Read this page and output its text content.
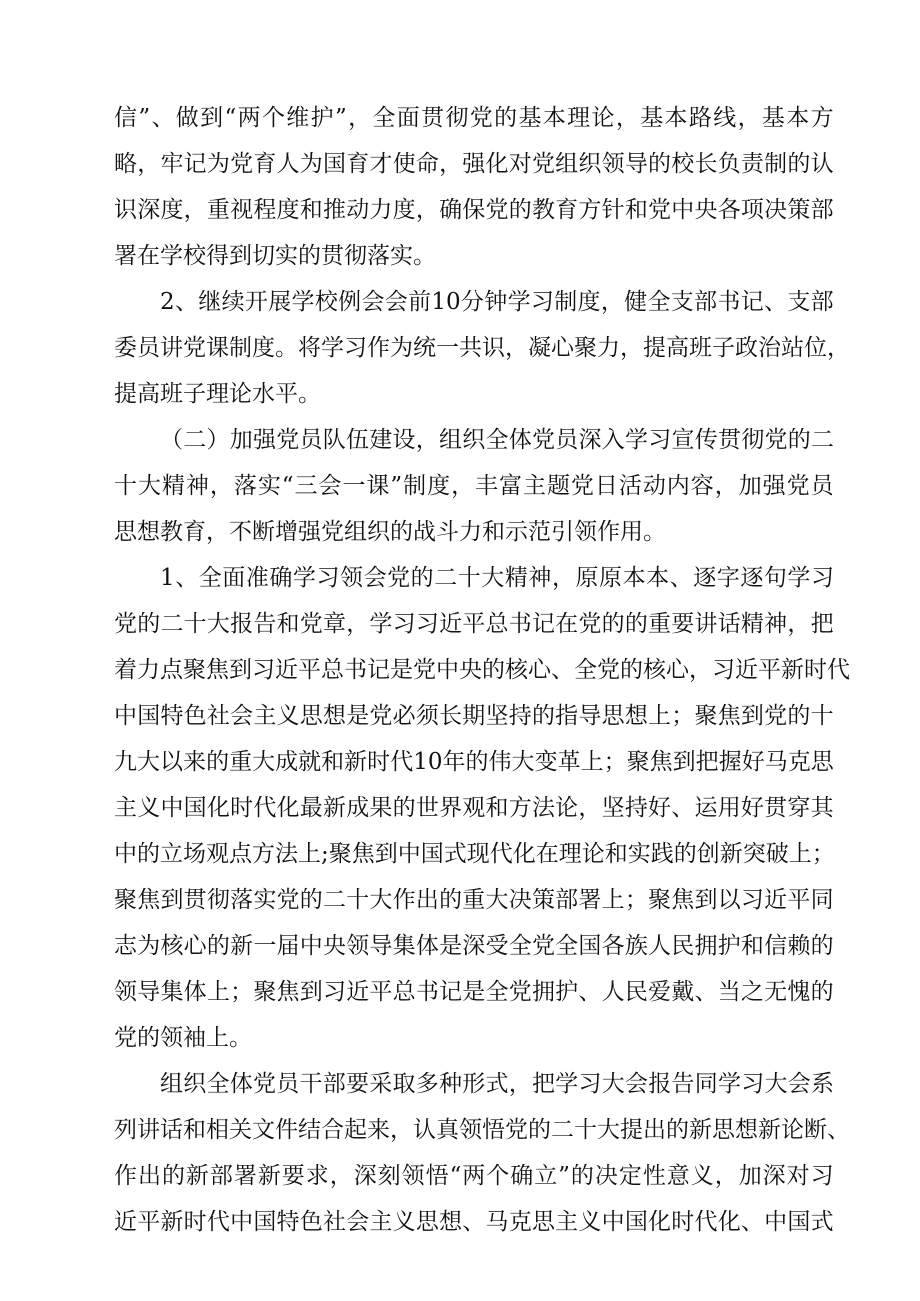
信 ” 、 做 到 “ 两 个 维 护 ” ， 全 面 贯 彻 党 的 基 本 理 论 ， 基 本 路 线 ， 基 本 方
略 ， 牢 记 为 党 育 人 为 国 育 才 使 命 ， 强 化 对 党 组 织 领 导 的 校 长 负 责 制 的 认
识 深 度 ， 重 视 程 度 和 推 动 力 度 ， 确 保 党 的 教 育 方 针 和 党 中 央 各 项 决 策 部
署在学校得到切实的贯彻落实。
2 、 继 续 开 展 学 校 例 会 会 前 10 分 钟 学 习 制 度 ， 健 全 支 部 书 记 、 支 部
委 员 讲 党 课 制 度 。 将 学 习 作 为 统 一 共 识 ， 凝 心 聚 力 ， 提 高 班 子 政 治 站 位 ，
提高班子理论水平。
（ 二 ） 加 强 党 员 队 伍 建 设 ， 组 织 全 体 党 员 深 入 学 习 宣 传 贯 彻 党 的 二
十 大 精 神 ， 落 实 “ 三 会 一 课 ” 制 度 ， 丰 富 主 题 党 日 活 动 内 容 ， 加 强 党 员
思想教育，不断增强党组织的战斗力和示范引领作用。
1 、 全 面 准 确 学 习 领 会 党 的 二 十 大 精 神 ， 原 原 本 本 、 逐 字 逐 句 学 习
党 的 二 十 大 报 告 和 党 章 ， 学 习 习 近 平 总 书 记 在 党 的 的 重 要 讲 话 精 神 ， 把
着 力 点 聚 焦 到 习 近 平 总 书 记 是 党 中 央 的 核 心 、 全 党 的 核 心 ， 习 近 平 新 时 代
中 国 特 色 社 会 主 义 思 想 是 党 必 须 长 期 坚 持 的 指 导 思 想 上 ； 聚 焦 到 党 的 十
九 大 以 来 的 重 大 成 就 和 新 时 代 10 年 的 伟 大 变 革 上 ； 聚 焦 到 把 握 好 马 克 思
主 义 中 国 化 时 代 化 最 新 成 果 的 世 界 观 和 方 法 论 ， 坚 持 好 、 运 用 好 贯 穿 其
中 的 立 场 观 点 方 法 上 ; 聚 焦 到 中 国 式 现 代 化 在 理 论 和 实 践 的 创 新 突 破 上 ；
聚 焦 到 贯 彻 落 实 党 的 二 十 大 作 出 的 重 大 决 策 部 署 上 ； 聚 焦 到 以 习 近 平 同
志 为 核 心 的 新 一 届 中 央 领 导 集 体 是 深 受 全 党 全 国 各 族 人 民 拥 护 和 信 赖 的
领 导 集 体 上 ； 聚 焦 到 习 近 平 总 书 记 是 全 党 拥 护 、 人 民 爱 戴 、 当 之 无 愧 的
党的领袖上。
组 织 全 体 党 员 干 部 要 采 取 多 种 形 式 ， 把 学 习 大 会 报 告 同 学 习 大 会 系
列 讲 话 和 相 关 文 件 结 合 起 来 ， 认 真 领 悟 党 的 二 十 大 提 出 的 新 思 想 新 论 断 、
作 出 的 新 部 署 新 要 求 ， 深 刻 领 悟 “ 两 个 确 立 ” 的 决 定 性 意 义 ， 加 深 对 习
近 平 新 时 代 中 国 特 色 社 会 主 义 思 想 、 马 克 思 主 义 中 国 化 时 代 化 、 中 国 式
